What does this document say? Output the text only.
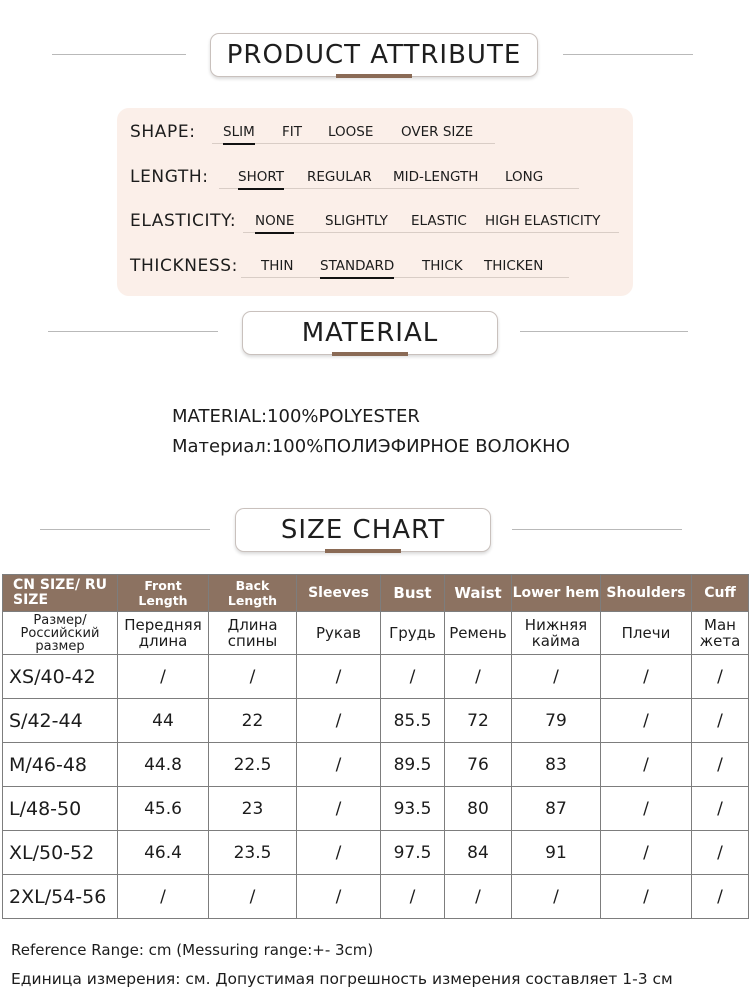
PRODUCT ATTRIBUTE
SHAPE: SLIM FIT LOOSE OVER SIZE
LENGTH: SHORT REGULAR MID-LENGTH LONG
ELASTICITY: NONE SLIGHTLY ELASTIC HIGH ELASTICITY
THICKNESS: THIN STANDARD THICK THICKEN
MATERIAL
MATERIAL:100%POLYESTER
Материал:100%ПОЛИЭФИРНОЕ ВОЛОКНО
SIZE CHART
CN SIZE/ RU SIZE	Front Length	Back Length	Sleeves	Bust	Waist	Lower hem	Shoulders	Cuff
Размер/ Российский размер	Передняя длина	Длина спины	Рукав	Грудь	Ремень	Нижняя кайма	Плечи	Ман жета
XS/40-42	/	/	/	/	/	/	/	/
S/42-44	44	22	/	85.5	72	79	/	/
M/46-48	44.8	22.5	/	89.5	76	83	/	/
L/48-50	45.6	23	/	93.5	80	87	/	/
XL/50-52	46.4	23.5	/	97.5	84	91	/	/
2XL/54-56	/	/	/	/	/	/	/	/
Reference Range: cm (Messuring range:+- 3cm)
Единица измерения: см. Допустимая погрешность измерения составляет 1-3 см
